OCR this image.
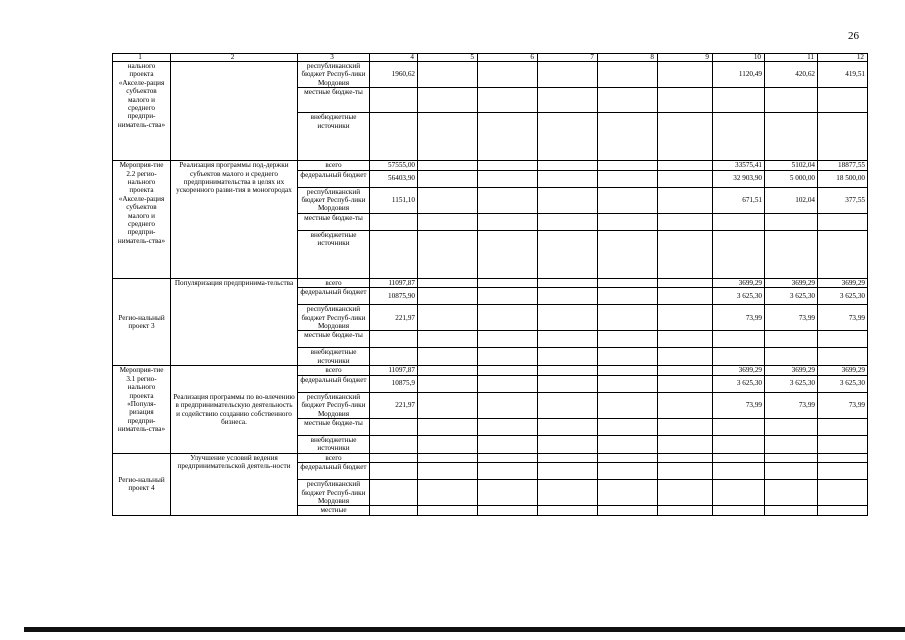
26
1	2	3	4	5	6	7	8	9	10	11	12
нального проекта «Акселе-рация субъектов малого и среднего предпри-ниматель-ства»		республиканский бюджет Респуб-лики Мордовия	1960,62						1120,49	420,62	419,51
		местные бюдже-ты									
		внебюджетные источники									
Мероприя-тие 2.2 регио-нального проекта «Акселе-рация субъектов малого и среднего предпри-ниматель-ства»	Реализация программы под-держки субъектов малого и среднего предпринимательства в целях их ускоренного разви-тия в моногородах	всего	57555,00						33575,41	5102,04	18877,55
		федеральный бюджет	56403,90						32 903,90	5 000,00	18 500,00
		республиканский бюджет Респуб-лики Мордовия	1151,10						671,51	102,04	377,55
		местные бюдже-ты									
		внебюджетные источники									
Регио-нальный проект 3	Популяризация предпринима-тельства	всего	11097,87						3699,29	3699,29	3699,29
		федеральный бюджет	10875,90						3 625,30	3 625,30	3 625,30
		республиканский бюджет Респуб-лики Мордовия	221,97						73,99	73,99	73,99
		местные бюдже-ты									
		внебюджетные источники									
Мероприя-тие 3.1 регио-нального проекта «Популя-ризация предпри-ниматель-ства»	Реализация программы по во-влечению в предпринимательскую деятельность и содействию созданию собственного бизнеса.	всего	11097,87						3699,29	3699,29	3699,29
		федеральный бюджет	10875,9						3 625,30	3 625,30	3 625,30
		республиканский бюджет Респуб-лики Мордовия	221,97						73,99	73,99	73,99
		местные бюдже-ты									
		внебюджетные источники									
Регио-нальный проект 4	Улучшение условий ведения предпринимательской деятель-ности	всего									
		федеральный бюджет									
		республиканский бюджет Респуб-лики Мордовия									
		местные									
